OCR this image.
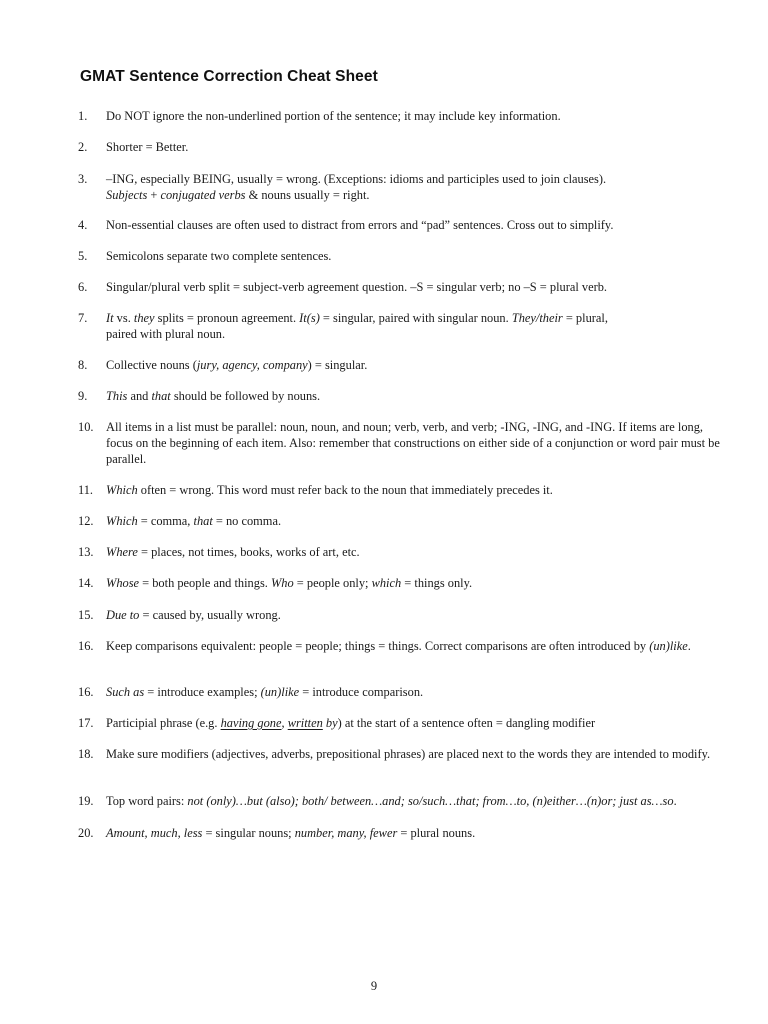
GMAT Sentence Correction Cheat Sheet
1.	Do NOT ignore the non-underlined portion of the sentence; it may include key information.
2.	Shorter = Better.
3.	–ING, especially BEING, usually = wrong. (Exceptions: idioms and participles used to join clauses).
Subjects + conjugated verbs & nouns usually = right.
4.	Non-essential clauses are often used to distract from errors and “pad” sentences. Cross out to simplify.
5.	Semicolons separate two complete sentences.
6.	Singular/plural verb split = subject-verb agreement question. –S = singular verb; no –S = plural verb.
7.	It vs. they splits = pronoun agreement. It(s) = singular, paired with singular noun. They/their = plural,
paired with plural noun.
8.	Collective nouns (jury, agency, company) = singular.
9.	This and that should be followed by nouns.
10.	All items in a list must be parallel: noun, noun, and noun; verb, verb, and verb; -ING, -ING, and -ING. If items are long, focus on the beginning of each item. Also: remember that constructions on either side of a conjunction or word pair must be parallel.
11.	Which often = wrong. This word must refer back to the noun that immediately precedes it.
12.	Which = comma, that = no comma.
13.	Where = places, not times, books, works of art, etc.
14.	Whose = both people and things. Who = people only; which = things only.
15.	Due to = caused by, usually wrong.
16.	Keep comparisons equivalent: people = people; things = things. Correct comparisons are often introduced by (un)like.
16.	Such as = introduce examples; (un)like = introduce comparison.
17.	Participial phrase (e.g. having gone, written by) at the start of a sentence often = dangling modifier
18.	Make sure modifiers (adjectives, adverbs, prepositional phrases) are placed next to the words they are intended to modify.
19.	Top word pairs: not (only)…but (also); both/ between…and; so/such…that; from…to, (n)either…(n)or; just as…so.
20.	Amount, much, less = singular nouns; number, many, fewer = plural nouns.
9
